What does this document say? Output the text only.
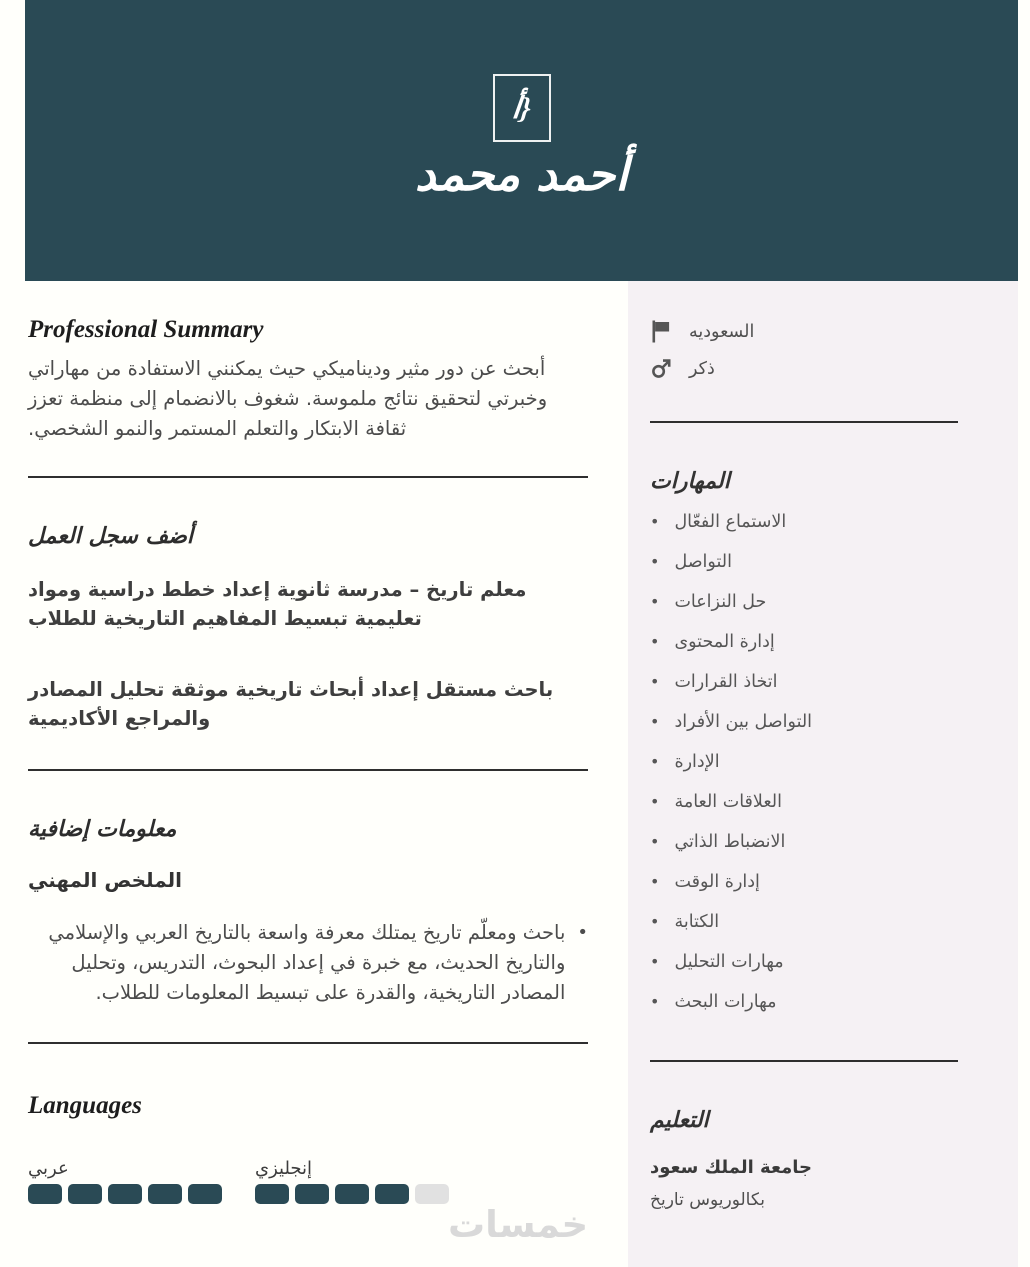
أ}
أحمد محمد
Professional Summary

أبحث عن دور مثير وديناميكي حيث يمكنني الاستفادة من مهاراتي وخبرتي لتحقيق نتائج ملموسة. شغوف بالانضمام إلى منظمة تعزز ثقافة الابتكار والتعلم المستمر والنمو الشخصي.

أضف سجل العمل

معلم تاريخ – مدرسة ثانوية إعداد خطط دراسية ومواد تعليمية تبسيط المفاهيم التاريخية للطلاب

باحث مستقل إعداد أبحاث تاريخية موثقة تحليل المصادر والمراجع الأكاديمية

معلومات إضافية
الملخص المهني
•
باحث ومعلّم تاريخ يمتلك معرفة واسعة بالتاريخ العربي والإسلامي والتاريخ الحديث، مع خبرة في إعداد البحوث، التدريس، وتحليل المصادر التاريخية، والقدرة على تبسيط المعلومات للطلاب.
Languages
عربي	إنجليزي
السعوديه
ذكر
المهارات
• الاستماع الفعّال
• التواصل
• حل النزاعات
• إدارة المحتوى
• اتخاذ القرارات
• التواصل بين الأفراد
• الإدارة
• العلاقات العامة
• الانضباط الذاتي
• إدارة الوقت
• الكتابة
• مهارات التحليل
• مهارات البحث
التعليم
جامعة الملك سعود
بكالوريوس تاريخ
خمسات
